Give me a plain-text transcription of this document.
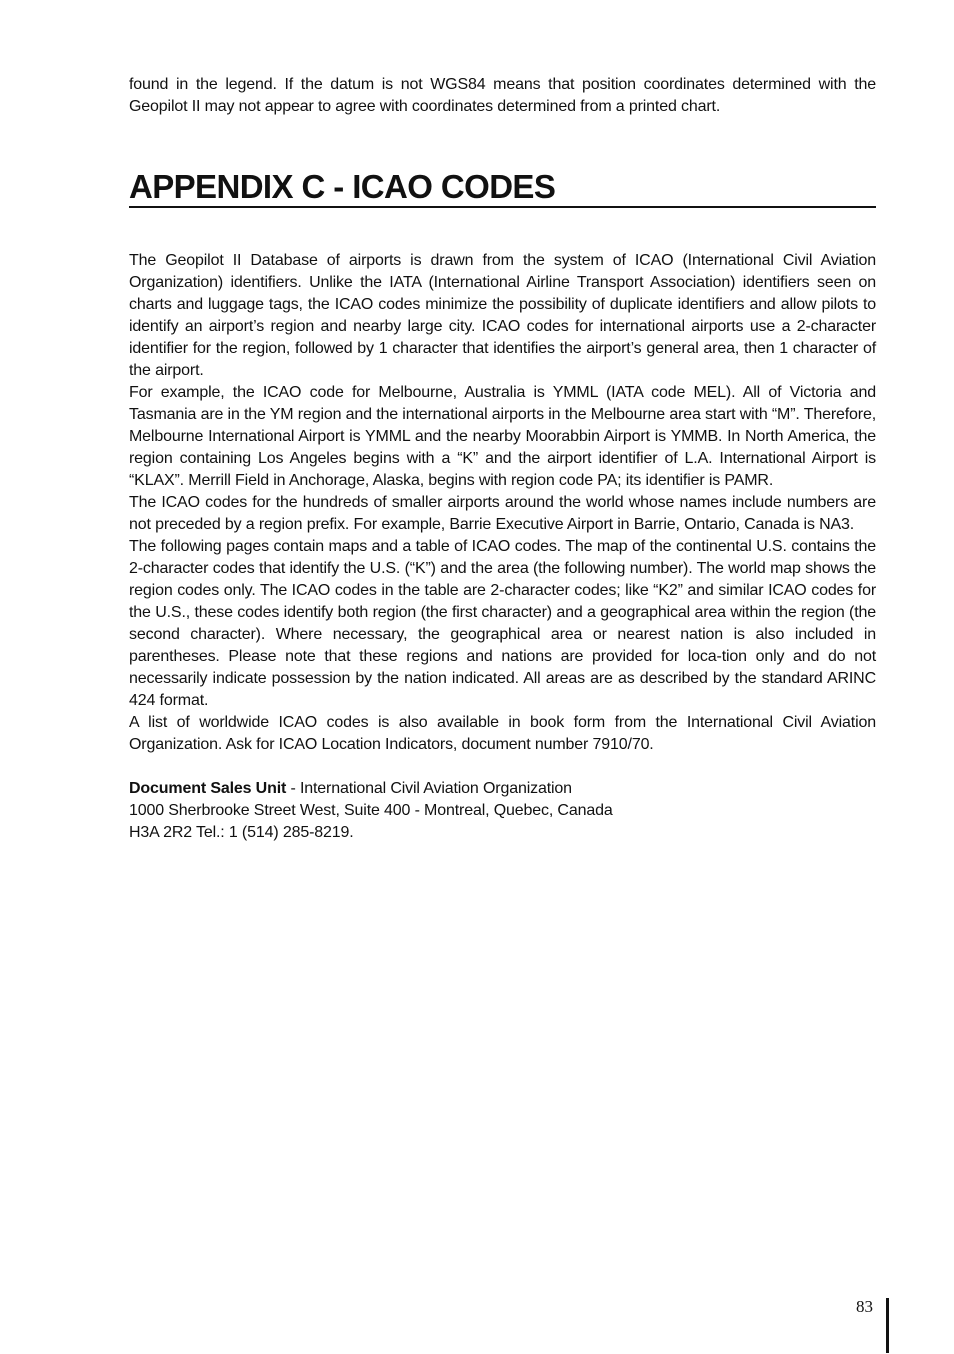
found in the legend. If the datum is not WGS84 means that position coordinates determined with the Geopilot II may not appear to agree with coordinates determined from a printed chart.

APPENDIX C - ICAO CODES

The Geopilot II Database of airports is drawn from the system of ICAO (International Civil Aviation Organization) identifiers. Unlike the IATA (International Airline Transport Association) identifiers seen on charts and luggage tags, the ICAO codes minimize the possibility of duplicate identifiers and allow pilots to identify an airport’s region and nearby large city. ICAO codes for international airports use a 2-character identifier for the region, followed by 1 character that identifies the airport’s general area, then 1 character of the airport.

For example, the ICAO code for Melbourne, Australia is YMML (IATA code MEL). All of Victoria and Tasmania are in the YM region and the international airports in the Melbourne area start with “M”. Therefore, Melbourne International Airport is YMML and the nearby Moorabbin Airport is YMMB. In North America, the region containing Los Angeles begins with a “K” and the airport identifier of L.A. International Airport is “KLAX”. Merrill Field in Anchorage, Alaska, begins with region code PA; its identifier is PAMR.

The ICAO codes for the hundreds of smaller airports around the world whose names include numbers are not preceded by a region prefix. For example, Barrie Executive Airport in Barrie, Ontario, Canada is NA3.

The following pages contain maps and a table of ICAO codes. The map of the continental U.S. contains the 2-character codes that identify the U.S. (“K”) and the area (the following number). The world map shows the region codes only. The ICAO codes in the table are 2-character codes; like “K2” and similar ICAO codes for the U.S., these codes identify both region (the first character) and a geographical area within the region (the second character). Where necessary, the geographical area or nearest nation is also included in parentheses. Please note that these regions and nations are provided for loca-tion only and do not necessarily indicate possession by the nation indicated. All areas are as described by the standard ARINC 424 format.

A list of worldwide ICAO codes is also available in book form from the International Civil Aviation Organization. Ask for ICAO Location Indicators, document number 7910/70.

Document Sales Unit - International Civil Aviation Organization
1000 Sherbrooke Street West, Suite 400 - Montreal, Quebec, Canada
H3A 2R2 Tel.: 1 (514) 285-8219.
83
